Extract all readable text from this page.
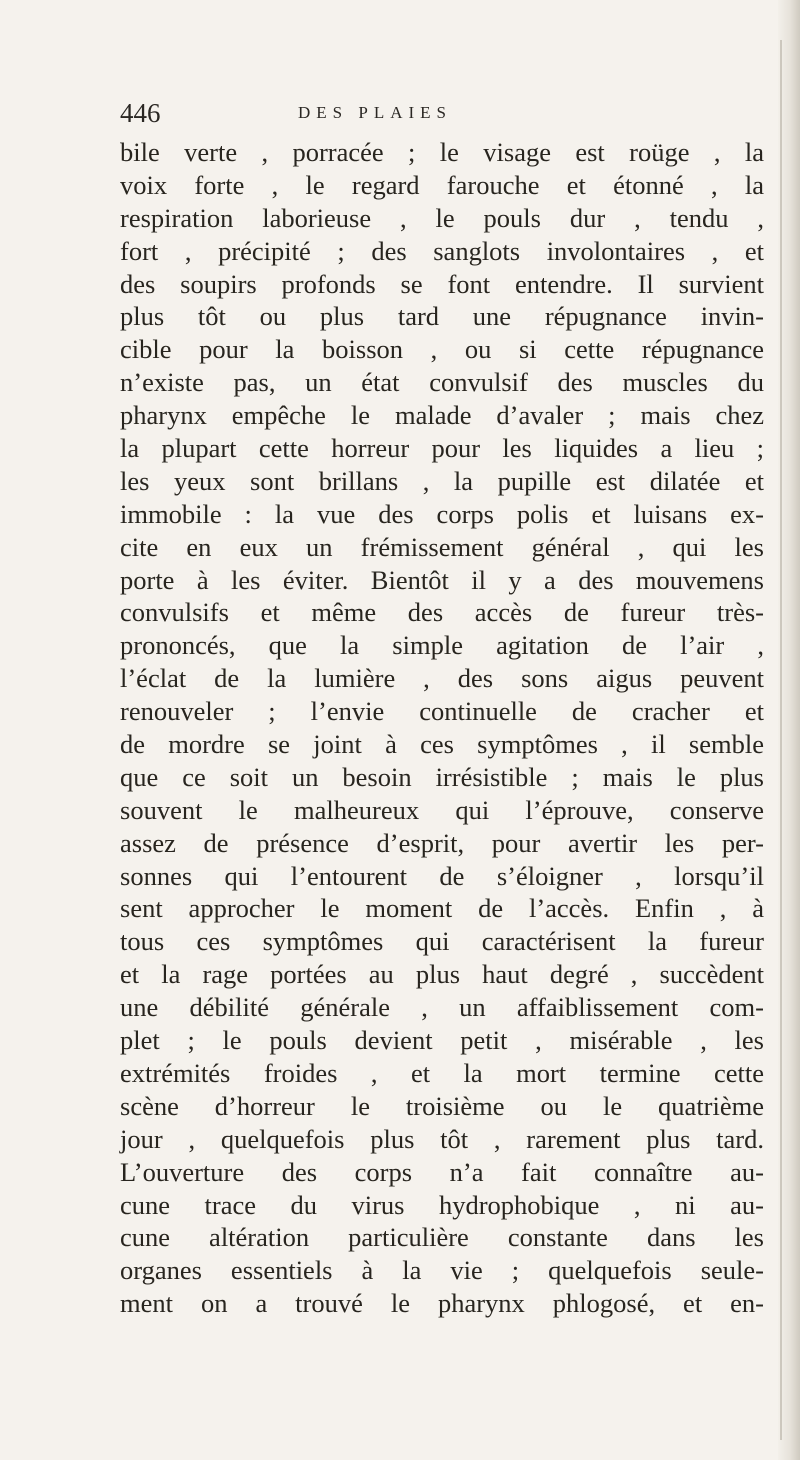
446	DES PLAIES
bile verte , porracée ; le visage est roüge , la
voix forte , le regard farouche et étonné , la
respiration laborieuse , le pouls dur , tendu ,
fort , précipité ; des sanglots involontaires , et
des soupirs profonds se font entendre. Il survient
plus tôt ou plus tard une répugnance invin-
cible pour la boisson , ou si cette répugnance
n’existe pas, un état convulsif des muscles du
pharynx empêche le malade d’avaler ; mais chez
la plupart cette horreur pour les liquides a lieu ;
les yeux sont brillans , la pupille est dilatée et
immobile : la vue des corps polis et luisans ex-
cite en eux un frémissement général , qui les
porte à les éviter. Bientôt il y a des mouvemens
convulsifs et même des accès de fureur très-
prononcés, que la simple agitation de l’air ,
l’éclat de la lumière , des sons aigus peuvent
renouveler ; l’envie continuelle de cracher et
de mordre se joint à ces symptômes , il semble
que ce soit un besoin irrésistible ; mais le plus
souvent le malheureux qui l’éprouve, conserve
assez de présence d’esprit, pour avertir les per-
sonnes qui l’entourent de s’éloigner , lorsqu’il
sent approcher le moment de l’accès. Enfin , à
tous ces symptômes qui caractérisent la fureur
et la rage portées au plus haut degré , succèdent
une débilité générale , un affaiblissement com-
plet ; le pouls devient petit , misérable , les
extrémités froides , et la mort termine cette
scène d’horreur le troisième ou le quatrième
jour , quelquefois plus tôt , rarement plus tard.
L’ouverture des corps n’a fait connaître au-
cune trace du virus hydrophobique , ni au-
cune altération particulière constante dans les
organes essentiels à la vie ; quelquefois seule-
ment on a trouvé le pharynx phlogosé, et en-
